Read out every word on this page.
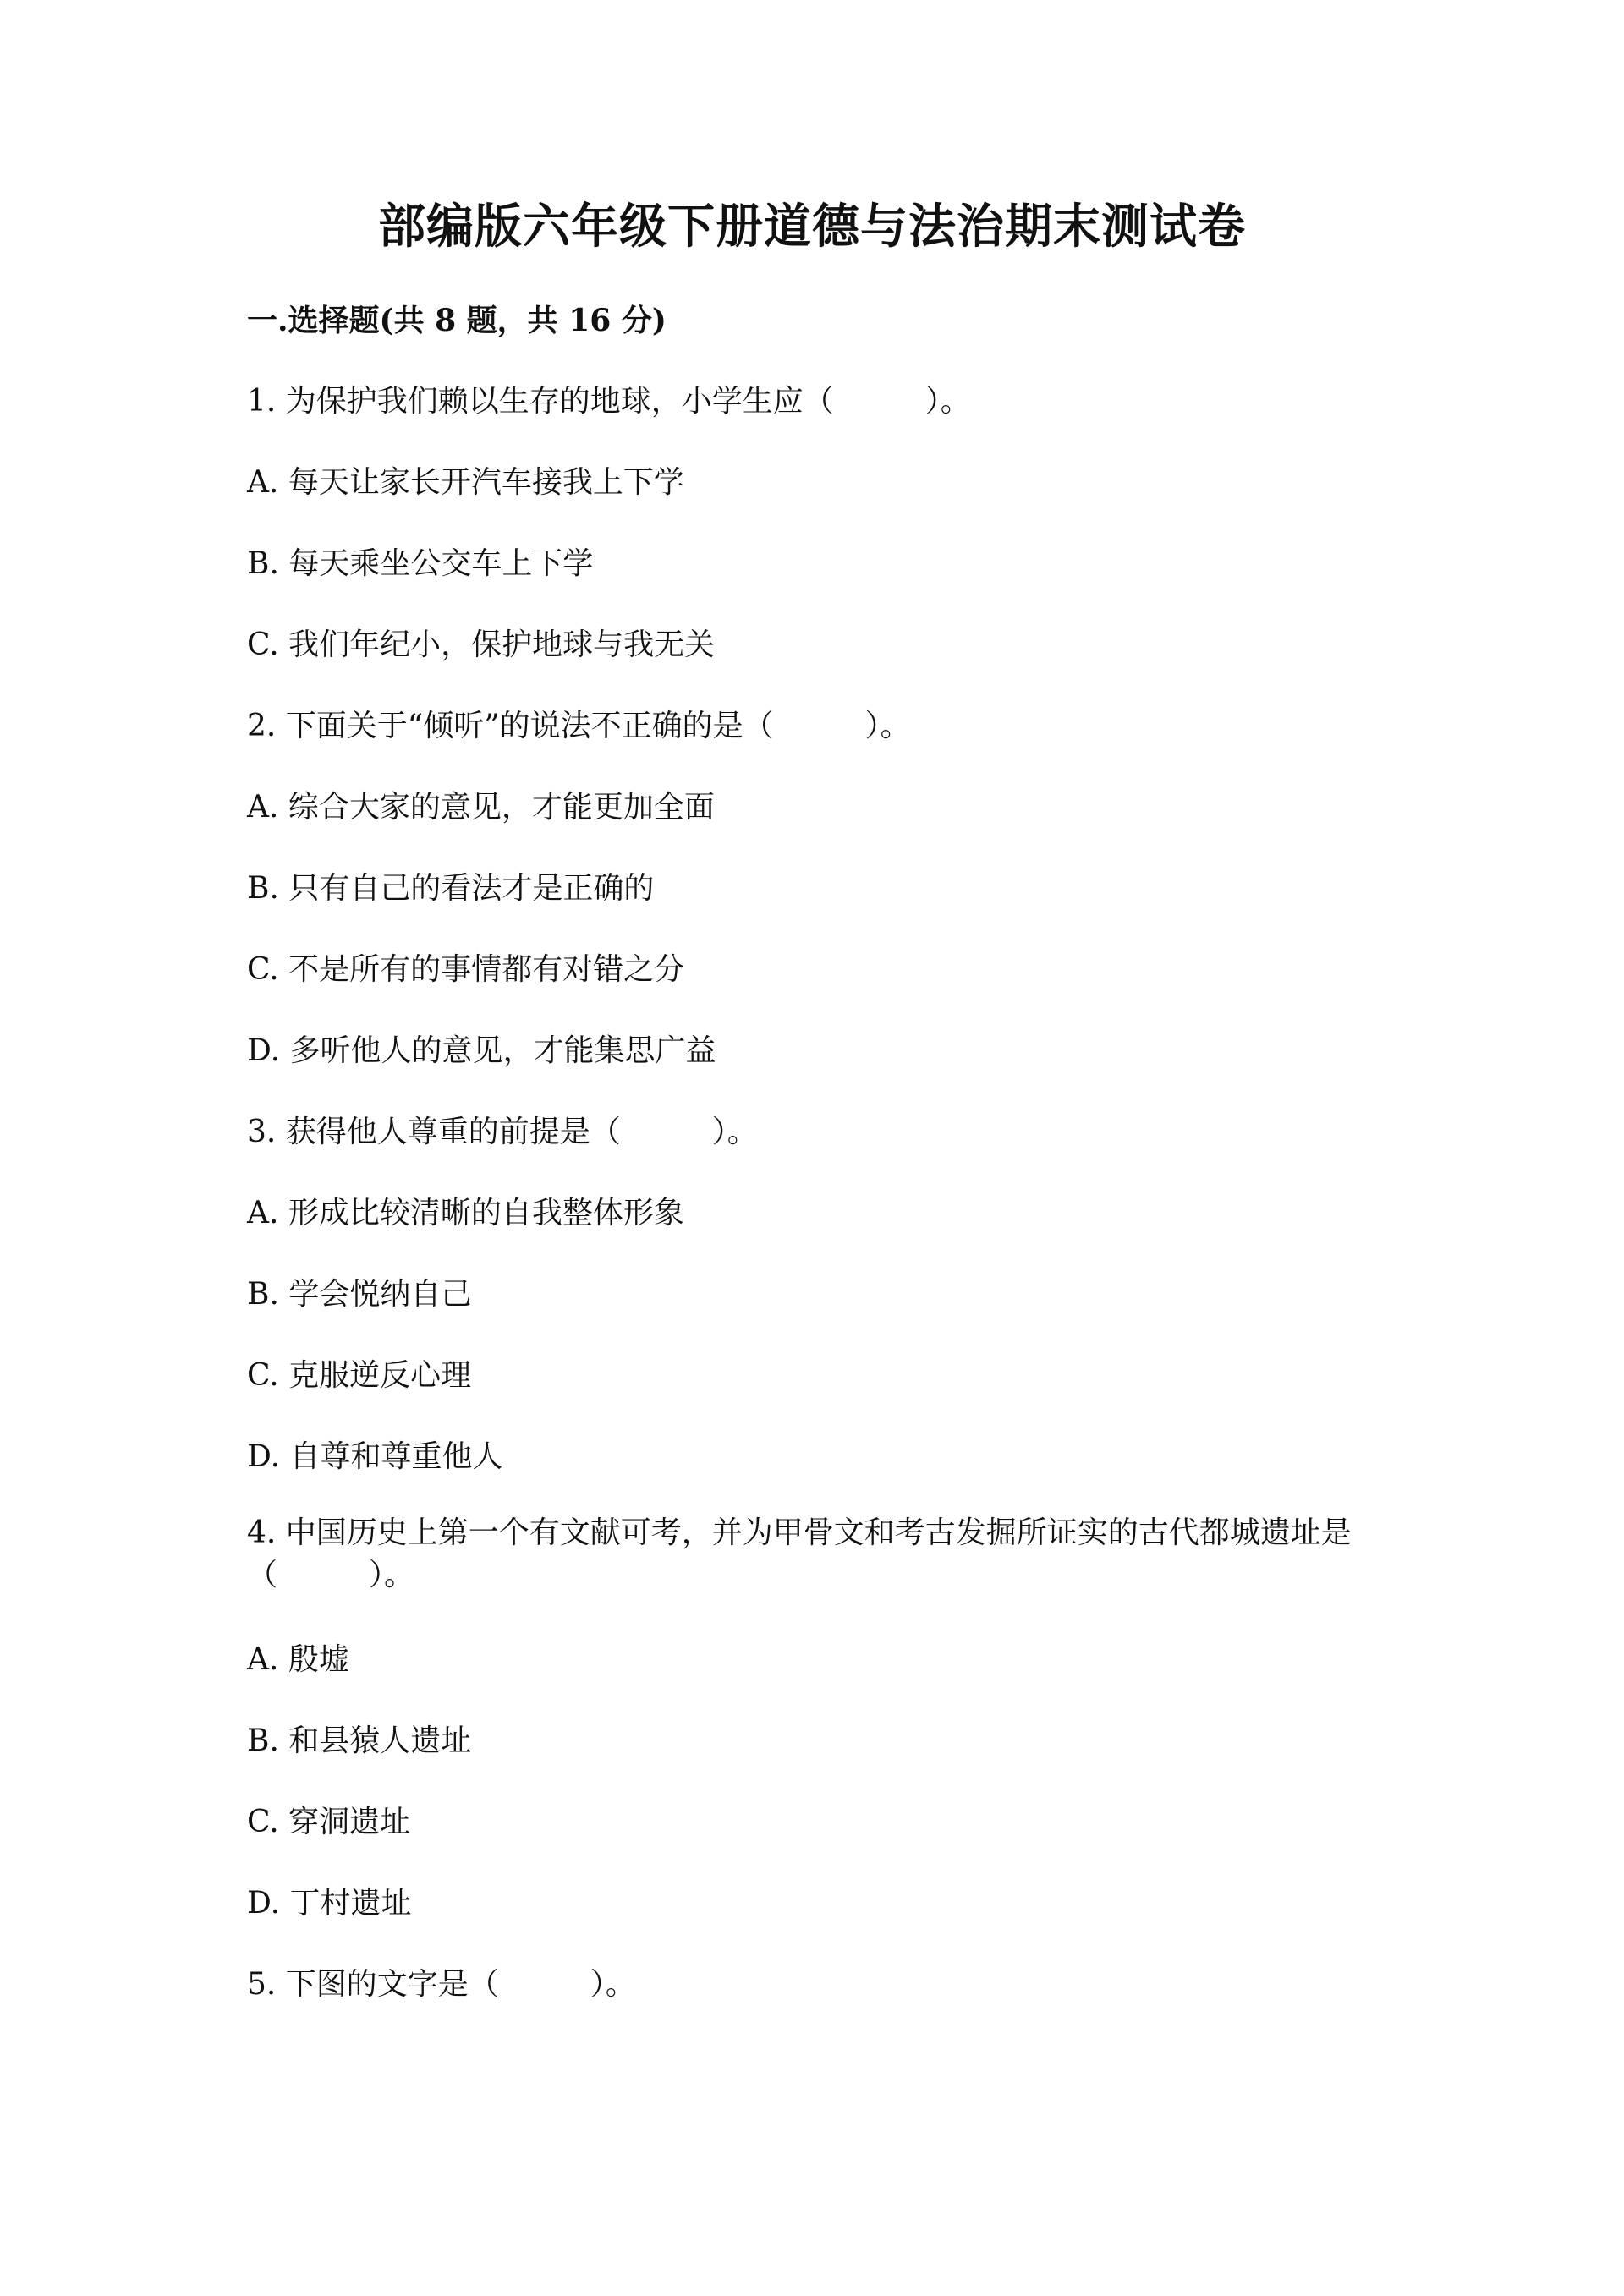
部编版六年级下册道德与法治期末测试卷
一.选择题(共 8 题，共 16 分)
1. 为保护我们赖以生存的地球，小学生应（　　　）。
A. 每天让家长开汽车接我上下学
B. 每天乘坐公交车上下学
C. 我们年纪小，保护地球与我无关
2. 下面关于“倾听”的说法不正确的是（　　　）。
A. 综合大家的意见，才能更加全面
B. 只有自己的看法才是正确的
C. 不是所有的事情都有对错之分
D. 多听他人的意见，才能集思广益
3. 获得他人尊重的前提是（　　　）。
A. 形成比较清晰的自我整体形象
B. 学会悦纳自己
C. 克服逆反心理
D. 自尊和尊重他人
4. 中国历史上第一个有文献可考，并为甲骨文和考古发掘所证实的古代都城遗址是（　　　）。
A. 殷墟
B. 和县猿人遗址
C. 穿洞遗址
D. 丁村遗址
5. 下图的文字是（　　　）。
